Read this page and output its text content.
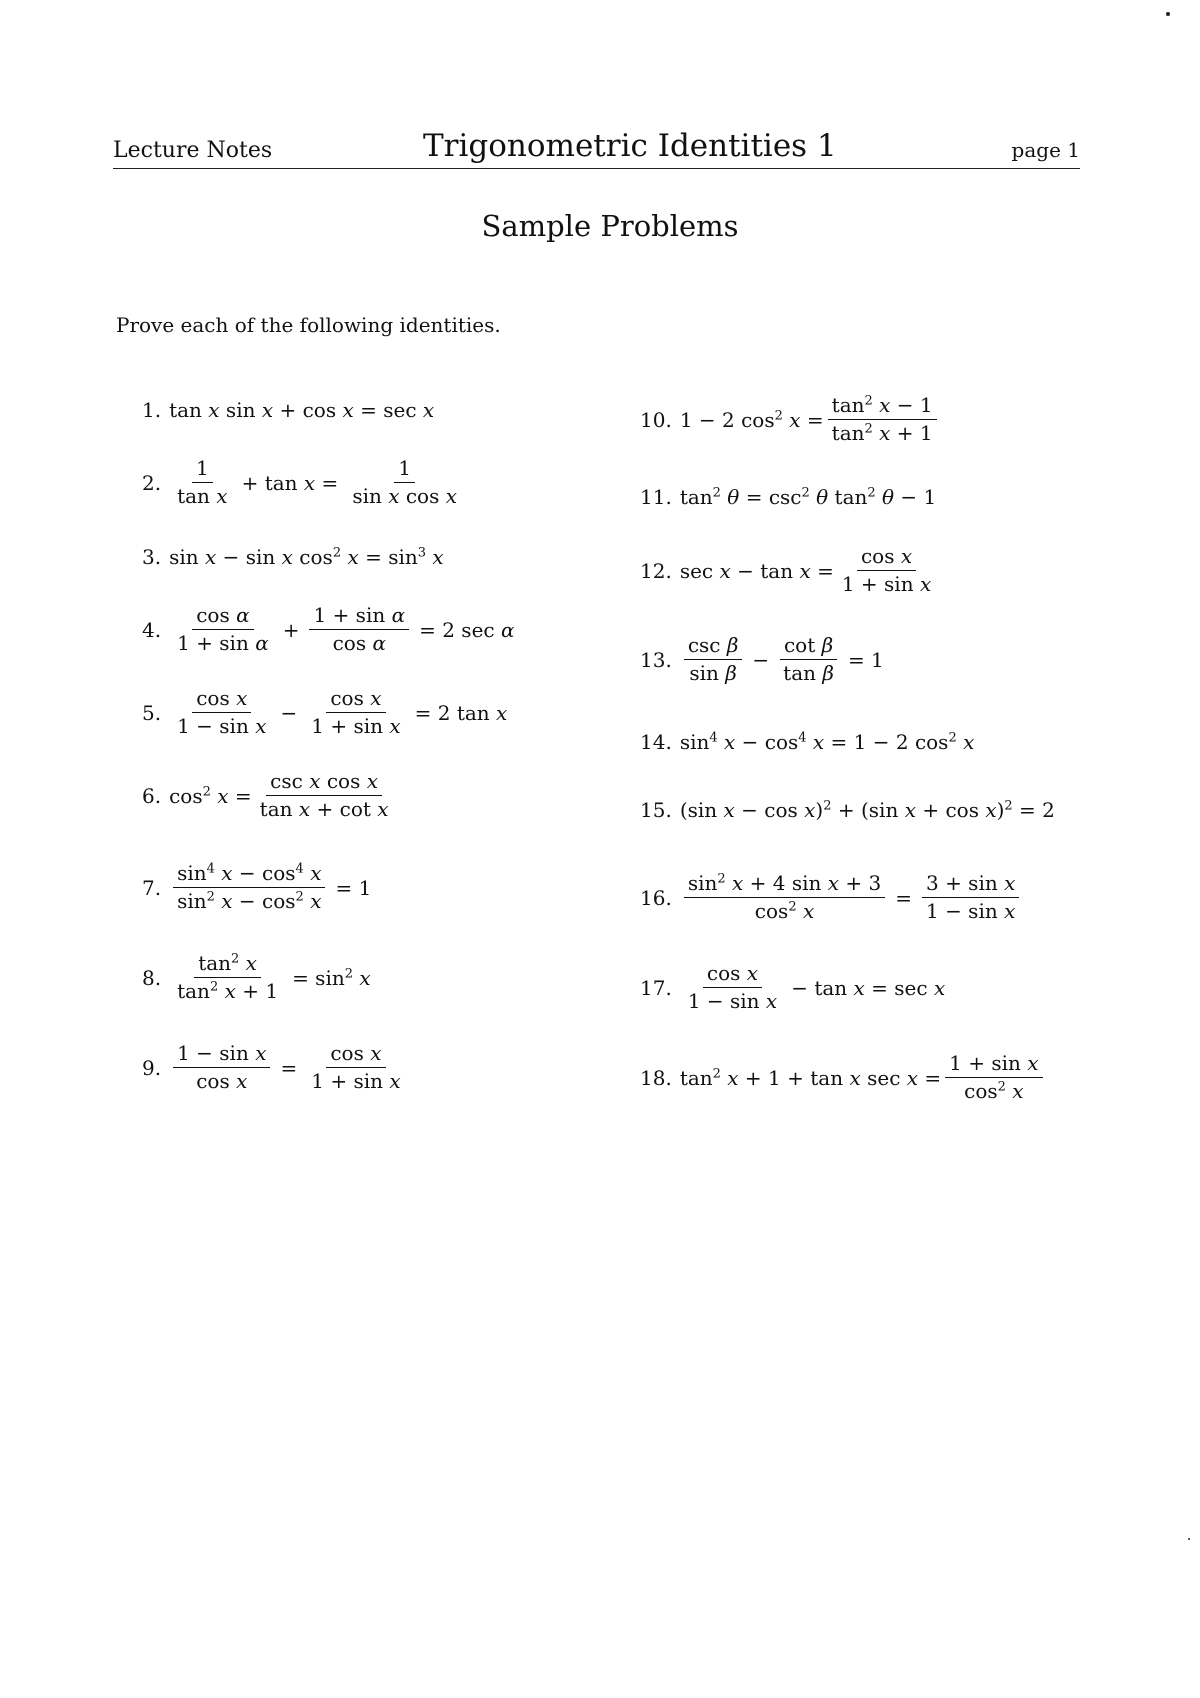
Lecture Notes	Trigonometric Identities 1	page 1
Sample Problems
Prove each of the following identities.
1. tan x sin x + cos x = sec x
2. $\frac{1}{\text{tan x}} + \tan x = \frac{1}{\text{sin x cos x}}$
3. sin x − sin x $\cos^2 x = \sin^3 x$
4. $\frac{\text{cos α}}{\text{1 + sin α}} + \frac{\text{1 + sin α}}{\text{cos α}} = 2$ sec α
5. $\frac{\text{cos x}}{\text{1 − sin x}} - \frac{\text{cos x}}{\text{1 + sin x}} = 2$ tan x
6. $\cos^2 x = \frac{\text{csc x cos x}}{\text{tan x + cot x}}$
7. $\frac{\sin^4 x - \cos^4 x}{\sin^2 x - \cos^2 x} = 1$
8. $\frac{\tan^2 x}{\tan^2 x + 1} = \sin^2 x$
9. $\frac{\text{1 − sin x}}{\text{cos x}} = \frac{\text{cos x}}{\text{1 + sin x}}$
10. 1 − 2 $\cos^2 x = \frac{\tan^2 x - 1}{\tan^2 x + 1}$
11. $\tan^2 \theta = \csc^2 \theta$ $\tan^2 \theta - 1$
12. $\sec x - \tan x = \frac{\text{cos x}}{\text{1 + sin x}}$
13. $\frac{\text{csc β}}{\text{sin β}} - \frac{\text{cot β}}{\text{tan β}} = 1$
14. $\sin^4 x - \cos^4 x = 1 - 2$ $\cos^2 x$
15. (sin x − cos x)$^2$ + (sin x + cos x)$^2$ = 2
16. $\frac{\sin^2 x + 4 \sin x + 3}{\cos^2 x} = \frac{\text{3 + sin x}}{\text{1 − sin x}}$
17. $\frac{\text{cos x}}{\text{1 − sin x}} - \tan x = \sec x$
18. $\tan^2 x + 1 + \tan x$ $\sec x = \frac{\text{1 + sin x}}{\cos^2 x}$
